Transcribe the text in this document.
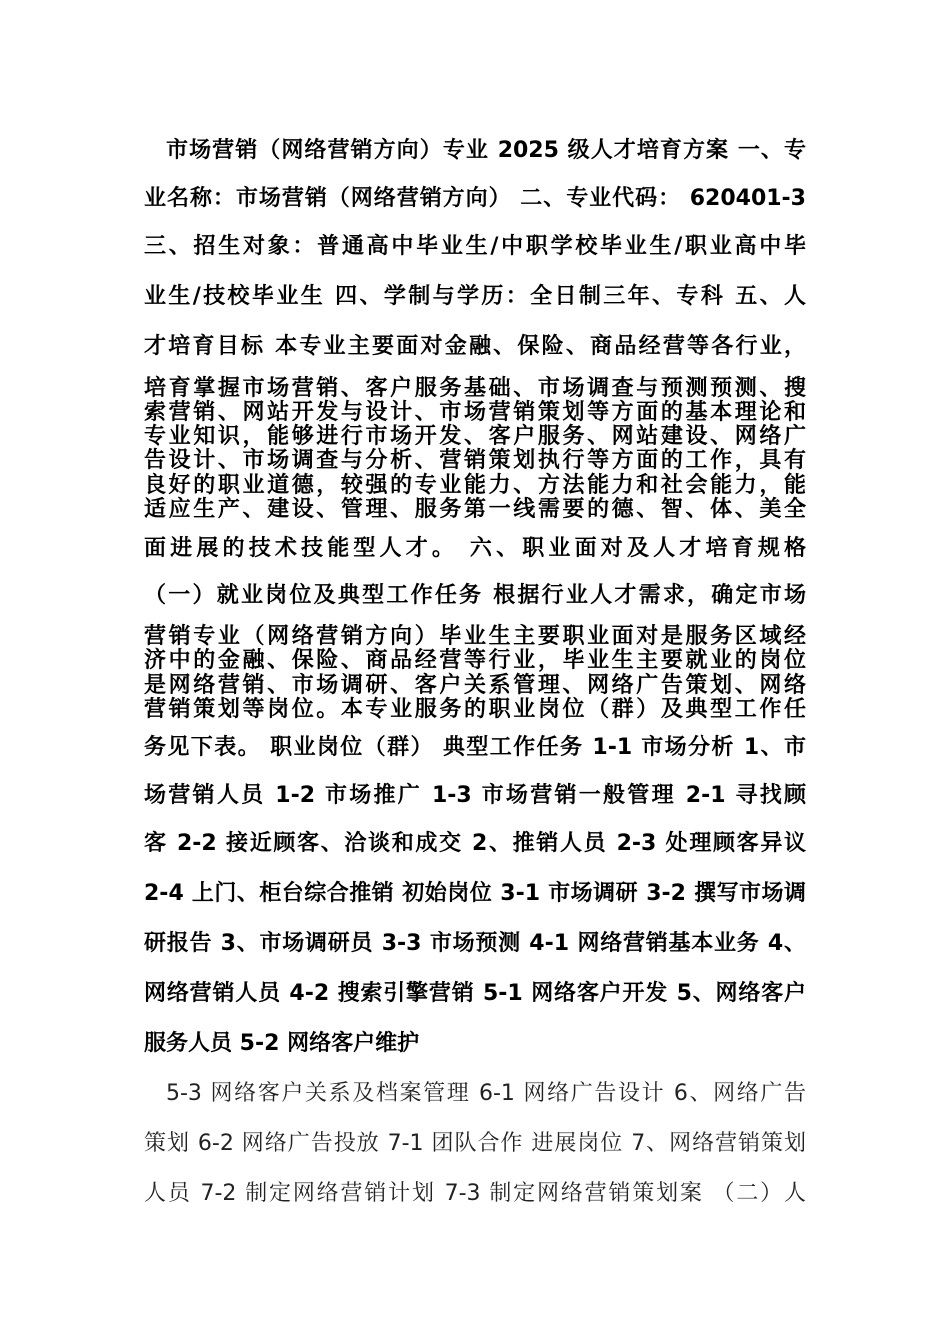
市场营销（网络营销方向）专业 2025 级人才培育方案 一、专
业名称：市场营销（网络营销方向） 二、专业代码： 620401-3
三、招生对象：普通高中毕业生/中职学校毕业生/职业高中毕
业生/技校毕业生 四、学制与学历：全日制三年、专科 五、人
才培育目标 本专业主要面对金融、保险、商品经营等各行业，
培育掌握市场营销、客户服务基础、市场调查与预测预测、搜
索营销、网站开发与设计、市场营销策划等方面的基本理论和
专业知识，能够进行市场开发、客户服务、网站建设、网络广
告设计、市场调查与分析、营销策划执行等方面的工作，具有
良好的职业道德，较强的专业能力、方法能力和社会能力，能
适应生产、建设、管理、服务第一线需要的德、智、体、美全
面进展的技术技能型人才。 六、职业面对及人才培育规格
（一）就业岗位及典型工作任务 根据行业人才需求，确定市场
营销专业（网络营销方向）毕业生主要职业面对是服务区域经
济中的金融、保险、商品经营等行业，毕业生主要就业的岗位
是网络营销、市场调研、客户关系管理、网络广告策划、网络
营销策划等岗位。本专业服务的职业岗位（群）及典型工作任
务见下表。 职业岗位（群） 典型工作任务 1-1 市场分析 1、市
场营销人员 1-2 市场推广 1-3 市场营销一般管理 2-1 寻找顾
客 2-2 接近顾客、洽谈和成交 2、推销人员 2-3 处理顾客异议
2-4 上门、柜台综合推销 初始岗位 3-1 市场调研 3-2 撰写市场调
研报告 3、市场调研员 3-3 市场预测 4-1 网络营销基本业务 4、
网络营销人员 4-2 搜索引擎营销 5-1 网络客户开发 5、网络客户
服务人员 5-2 网络客户维护
5-3 网络客户关系及档案管理 6-1 网络广告设计 6、网络广告
策划 6-2 网络广告投放 7-1 团队合作 进展岗位 7、网络营销策划
人员 7-2 制定网络营销计划 7-3 制定网络营销策划案 （二）人
